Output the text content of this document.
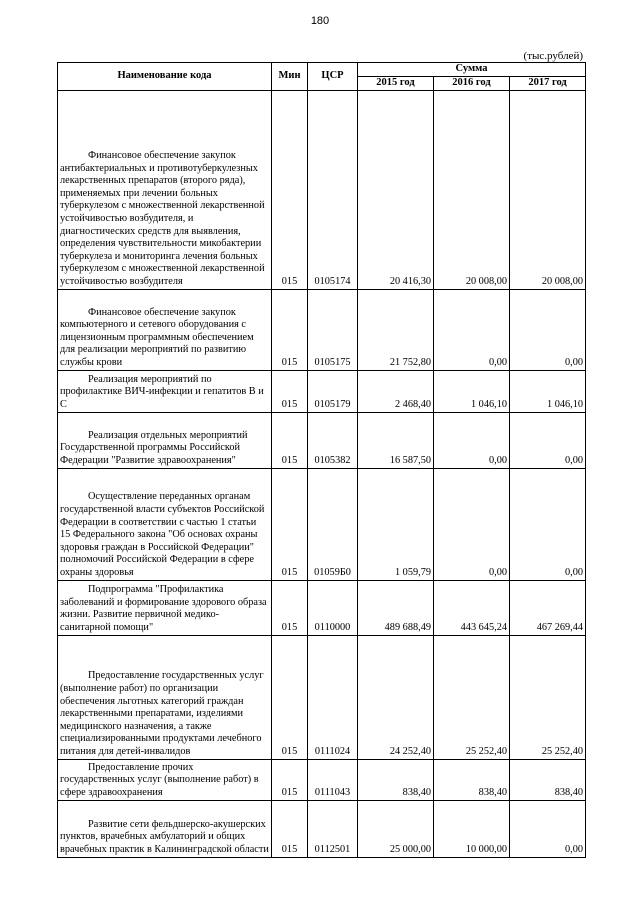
180
(тыс.рублей)
Наименование кода	Мин	ЦСР	Сумма		
			2015 год	2016 год	2017 год
Финансовое обеспечение закупок антибактериальных и противотуберкулезных лекарственных препаратов (второго ряда), применяемых при лечении больных туберкулезом с множественной лекарственной устойчивостью возбудителя, и диагностических средств для выявления, определения чувствительности микобактерии туберкулеза и мониторинга лечения больных туберкулезом с множественной лекарственной устойчивостью возбудителя	015	0105174	20 416,30	20 008,00	20 008,00
Финансовое обеспечение закупок компьютерного и сетевого оборудования с лицензионным программным обеспечением для реализации мероприятий по развитию службы крови	015	0105175	21 752,80	0,00	0,00
Реализация мероприятий по профилактике ВИЧ-инфекции и гепатитов В и С	015	0105179	2 468,40	1 046,10	1 046,10
Реализация отдельных мероприятий Государственной программы Российской Федерации "Развитие здравоохранения"	015	0105382	16 587,50	0,00	0,00
Осуществление переданных органам государственной власти субъектов Российской Федерации в соответствии с частью 1 статьи 15 Федерального закона "Об основах охраны здоровья граждан в Российской Федерации" полномочий Российской Федерации в сфере охраны здоровья	015	01059Б0	1 059,79	0,00	0,00
Подпрограмма "Профилактика заболеваний и формирование здорового образа жизни. Развитие первичной медико-санитарной помощи"	015	0110000	489 688,49	443 645,24	467 269,44
Предоставление государственных услуг (выполнение работ) по организации обеспечения льготных категорий граждан лекарственными препаратами, изделиями медицинского назначения, а также специализированными продуктами лечебного питания для детей-инвалидов	015	0111024	24 252,40	25 252,40	25 252,40
Предоставление прочих государственных услуг (выполнение работ) в сфере здравоохранения	015	0111043	838,40	838,40	838,40
Развитие сети фельдшерско-акушерских пунктов, врачебных амбулаторий и общих врачебных практик в Калининградской области	015	0112501	25 000,00	10 000,00	0,00
